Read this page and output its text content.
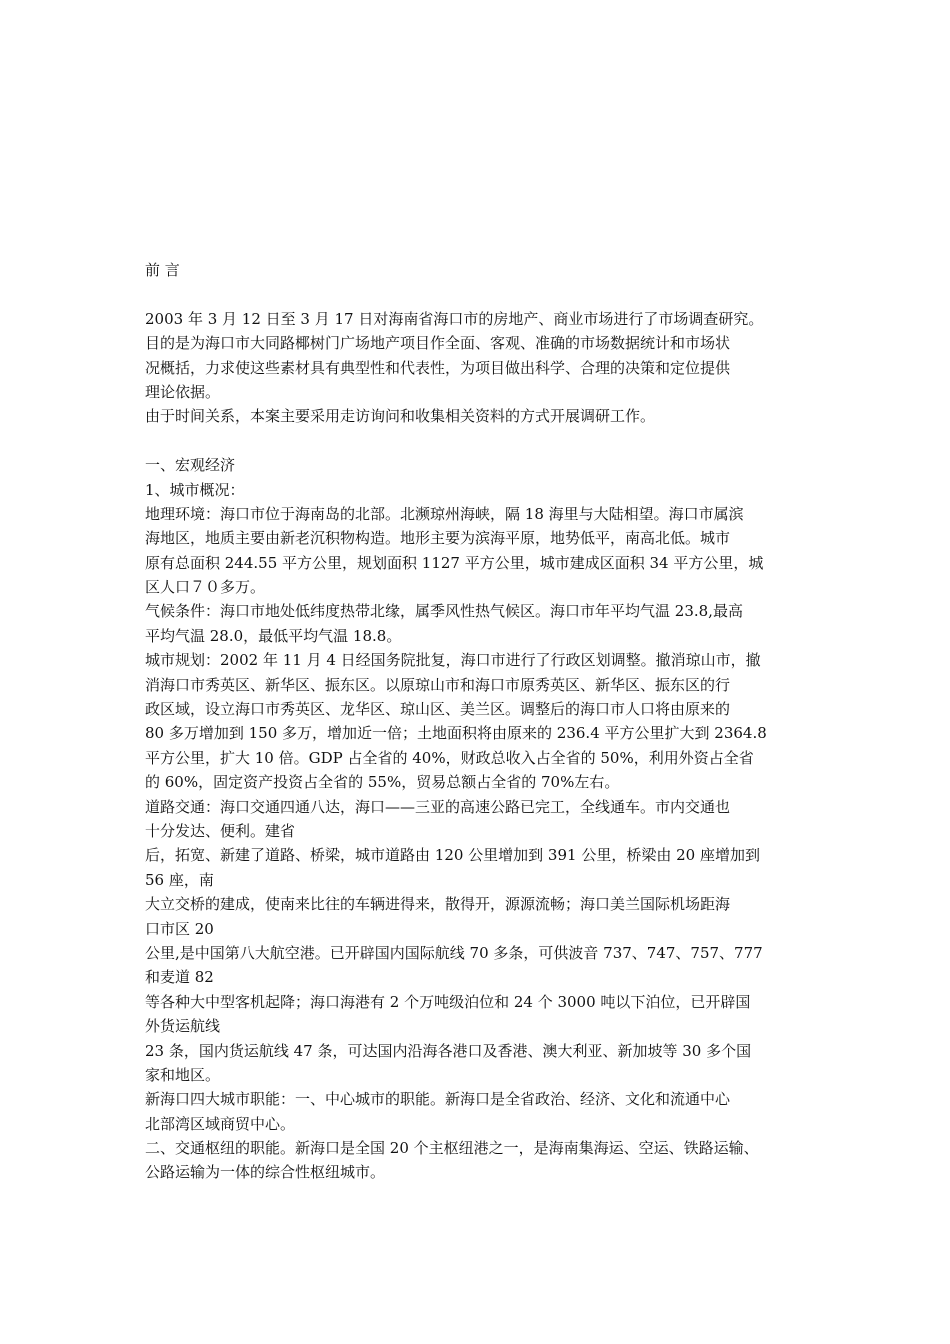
前 言
2003 年 3 月 12 日至 3 月 17 日对海南省海口市的房地产、商业市场进行了市场调查研究。
目的是为海口市大同路椰树门广场地产项目作全面、客观、准确的市场数据统计和市场状
况概括，力求使这些素材具有典型性和代表性，为项目做出科学、合理的决策和定位提供
理论依据。
由于时间关系，本案主要采用走访询问和收集相关资料的方式开展调研工作。
一、宏观经济
1、城市概况：
地理环境：海口市位于海南岛的北部。北濒琼州海峡，隔 18 海里与大陆相望。海口市属滨
海地区，地质主要由新老沉积物构造。地形主要为滨海平原，地势低平，南高北低。城市
原有总面积 244.55 平方公里，规划面积 1127 平方公里，城市建成区面积 34 平方公里，城
区人口７０多万。
气候条件：海口市地处低纬度热带北缘，属季风性热气候区。海口市年平均气温 23.8,最高
平均气温 28.0，最低平均气温 18.8。
城市规划：2002 年 11 月 4 日经国务院批复，海口市进行了行政区划调整。撤消琼山市，撤
消海口市秀英区、新华区、振东区。以原琼山市和海口市原秀英区、新华区、振东区的行
政区域，设立海口市秀英区、龙华区、琼山区、美兰区。调整后的海口市人口将由原来的
80 多万增加到 150 多万，增加近一倍；土地面积将由原来的 236.4 平方公里扩大到 2364.8
平方公里，扩大 10 倍。GDP 占全省的 40%，财政总收入占全省的 50%，利用外资占全省
的 60%，固定资产投资占全省的 55%，贸易总额占全省的 70%左右。
道路交通：海口交通四通八达，海口——三亚的高速公路已完工，全线通车。市内交通也
十分发达、便利。建省
后，拓宽、新建了道路、桥梁，城市道路由 120 公里增加到 391 公里，桥梁由 20 座增加到
56 座，南
大立交桥的建成，使南来比往的车辆进得来，散得开，源源流畅；海口美兰国际机场距海
口市区 20
公里,是中国第八大航空港。已开辟国内国际航线 70 多条，可供波音 737、747、757、777
和麦道 82
等各种大中型客机起降；海口海港有 2 个万吨级泊位和 24 个 3000 吨以下泊位，已开辟国
外货运航线
23 条，国内货运航线 47 条，可达国内沿海各港口及香港、澳大利亚、新加坡等 30 多个国
家和地区。
新海口四大城市职能：一、中心城市的职能。新海口是全省政治、经济、文化和流通中心
北部湾区域商贸中心。
二、交通枢纽的职能。新海口是全国 20 个主枢纽港之一，是海南集海运、空运、铁路运输、
公路运输为一体的综合性枢纽城市。
